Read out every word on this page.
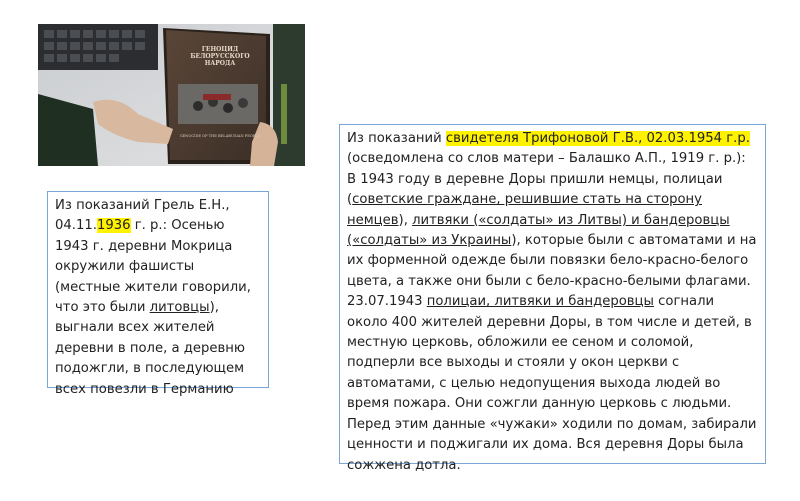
ГЕНОЦИД БЕЛОРУССКОГО НАРОДА
GENOCIDE OF THE BELARUSIAN PEOPLE
Из показаний Грель Е.Н., 04.11.1936 г. р.: Осенью 1943 г. деревни Мокрица окружили фашисты (местные жители говорили, что это были литовцы), выгнали всех жителей деревни в поле, а деревню подожгли, в последующем всех повезли в Германию
Из показаний свидетеля Трифоновой Г.В., 02.03.1954 г.р. (осведомлена со слов матери – Балашко А.П., 1919 г. р.): В 1943 году в деревне Доры пришли немцы, полицаи (советские граждане, решившие стать на сторону немцев), литвяки («солдаты» из Литвы) и бандеровцы («солдаты» из Украины), которые были с автоматами и на их форменной одежде были повязки бело-красно-белого цвета, а также они были с бело-красно-белыми флагами. 23.07.1943 полицаи, литвяки и бандеровцы согнали около 400 жителей деревни Доры, в том числе и детей, в местную церковь, обложили ее сеном и соломой, подперли все выходы и стояли у окон церкви с автоматами, с целью недопущения выхода людей во время пожара. Они сожгли данную церковь с людьми. Перед этим данные «чужаки» ходили по домам, забирали ценности и поджигали их дома. Вся деревня Доры была сожжена дотла.
